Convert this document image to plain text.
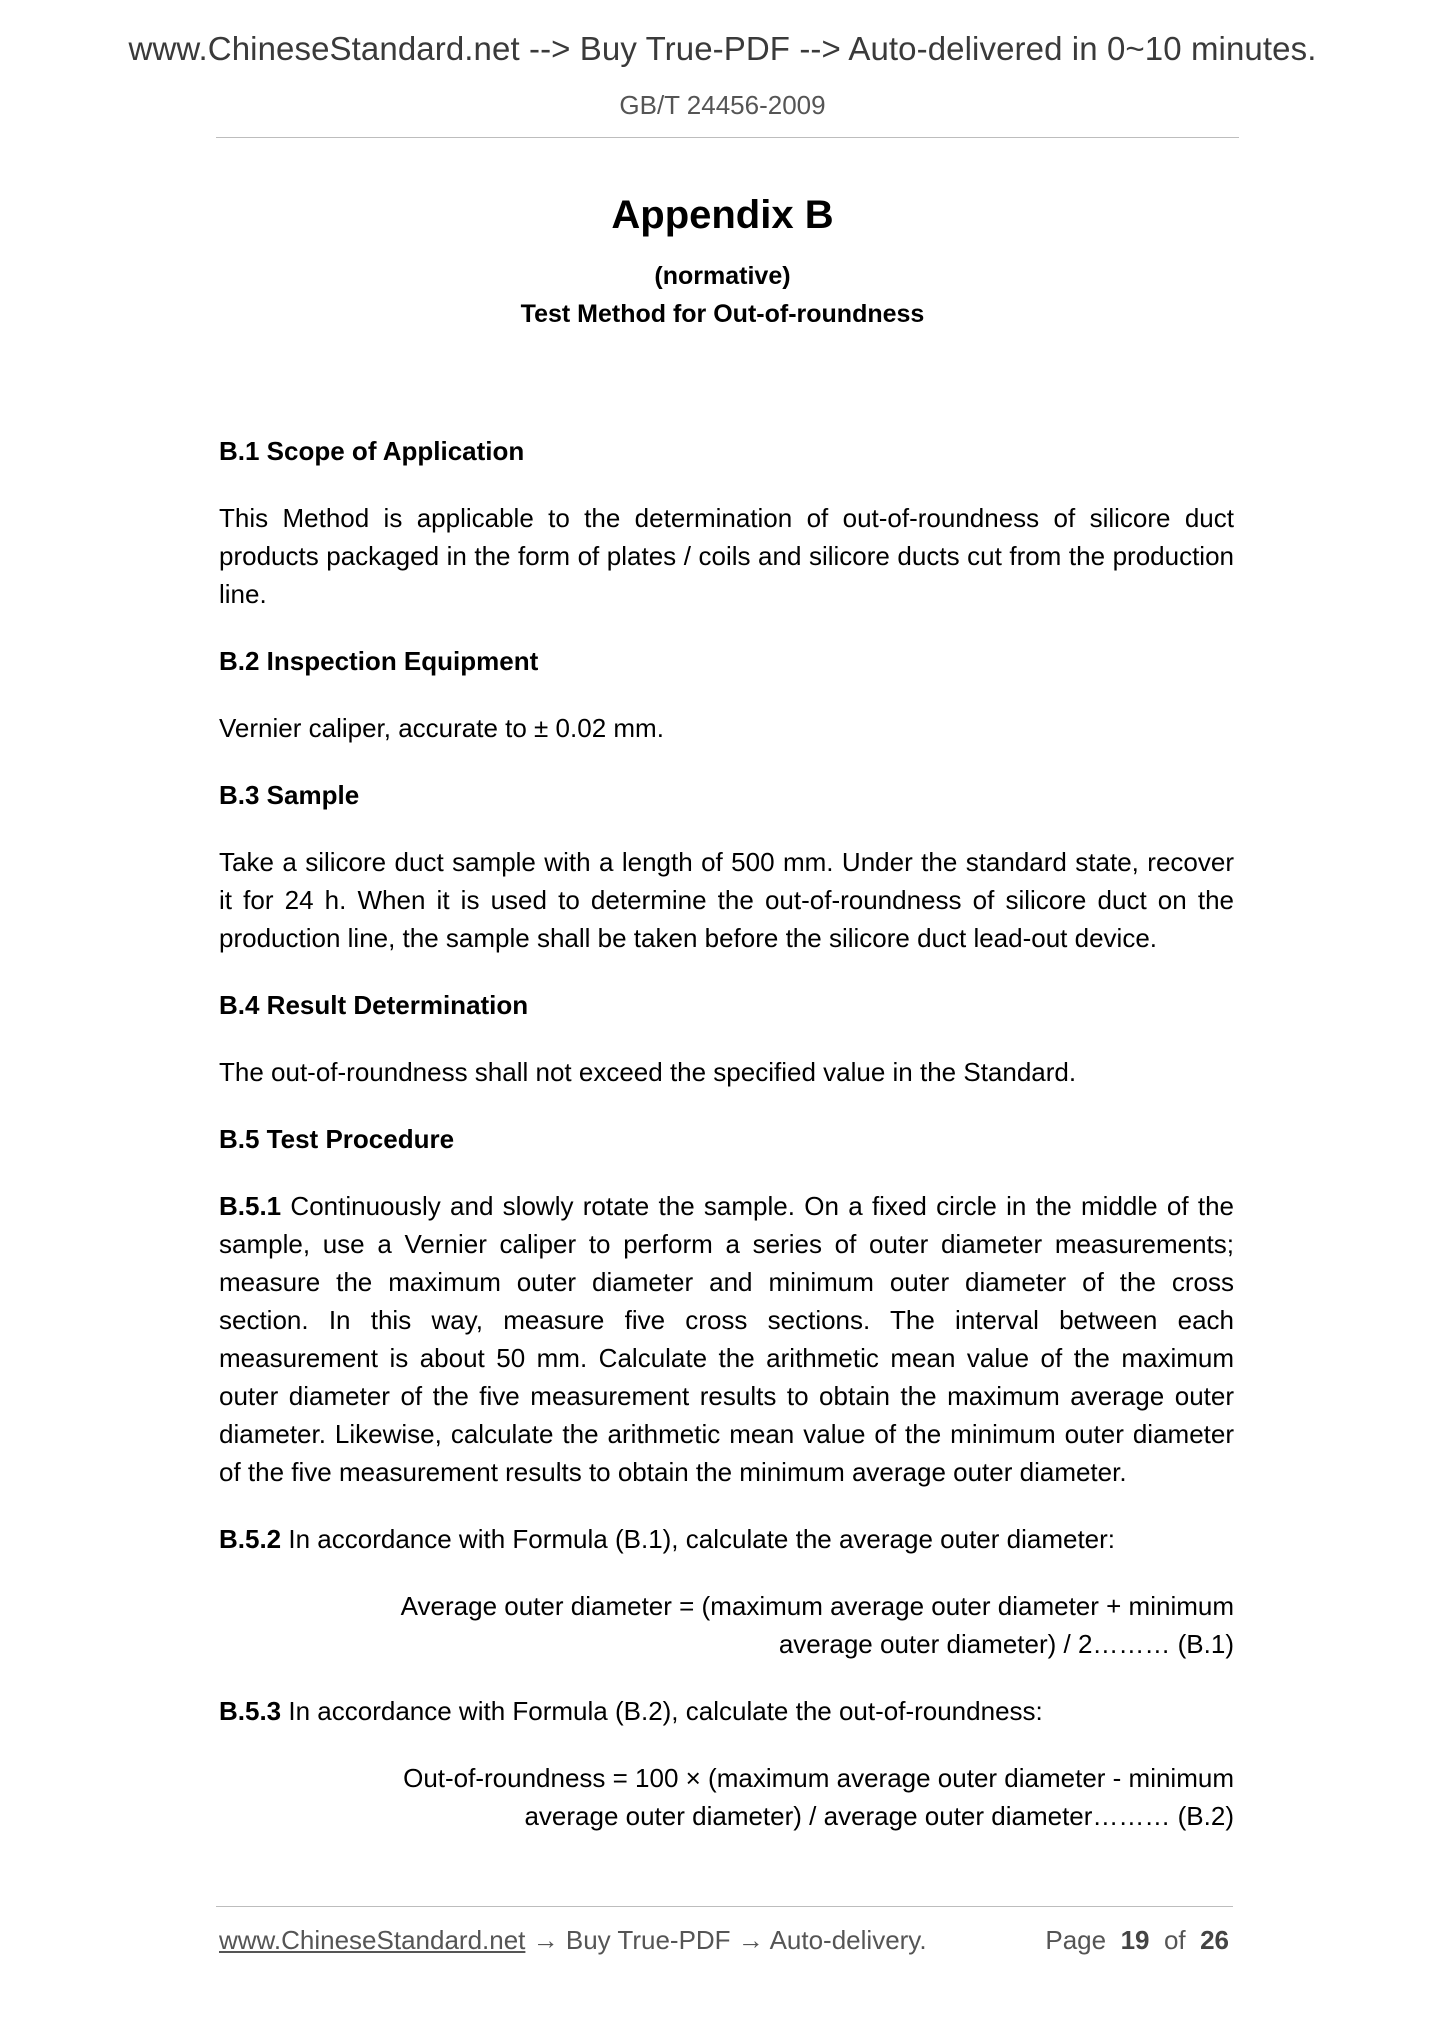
www.ChineseStandard.net --> Buy True-PDF --> Auto-delivered in 0~10 minutes.
GB/T 24456-2009
Appendix B
(normative)
Test Method for Out-of-roundness
B.1 Scope of Application

This Method is applicable to the determination of out-of-roundness of silicore duct products packaged in the form of plates / coils and silicore ducts cut from the production line.

B.2 Inspection Equipment

Vernier caliper, accurate to ± 0.02 mm.

B.3 Sample

Take a silicore duct sample with a length of 500 mm. Under the standard state, recover it for 24 h. When it is used to determine the out-of-roundness of silicore duct on the production line, the sample shall be taken before the silicore duct lead-out device.

B.4 Result Determination

The out-of-roundness shall not exceed the specified value in the Standard.

B.5 Test Procedure

B.5.1 Continuously and slowly rotate the sample. On a fixed circle in the middle of the sample, use a Vernier caliper to perform a series of outer diameter measurements; measure the maximum outer diameter and minimum outer diameter of the cross section. In this way, measure five cross sections. The interval between each measurement is about 50 mm. Calculate the arithmetic mean value of the maximum outer diameter of the five measurement results to obtain the maximum average outer diameter. Likewise, calculate the arithmetic mean value of the minimum outer diameter of the five measurement results to obtain the minimum average outer diameter.

B.5.2 In accordance with Formula (B.1), calculate the average outer diameter:

Average outer diameter = (maximum average outer diameter + minimum
average outer diameter) / 2……… (B.1)

B.5.3 In accordance with Formula (B.2), calculate the out-of-roundness:

Out-of-roundness = 100 × (maximum average outer diameter - minimum
average outer diameter) / average outer diameter……… (B.2)
www.ChineseStandard.net → Buy True-PDF → Auto-delivery.	Page 19 of 26
